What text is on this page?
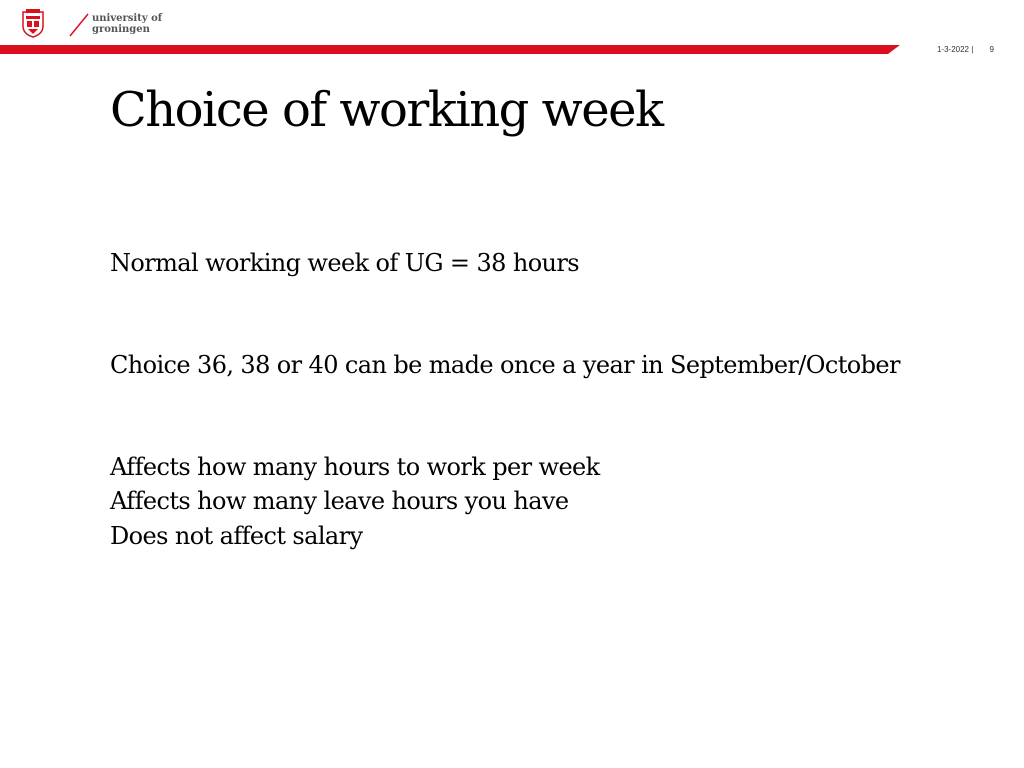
university of
groningen
1-3-2022 | 9
Choice of working week
Normal working week of UG = 38 hours
Choice 36, 38 or 40 can be made once a year in September/October
Affects how many hours to work per week
Affects how many leave hours you have
Does not affect salary
